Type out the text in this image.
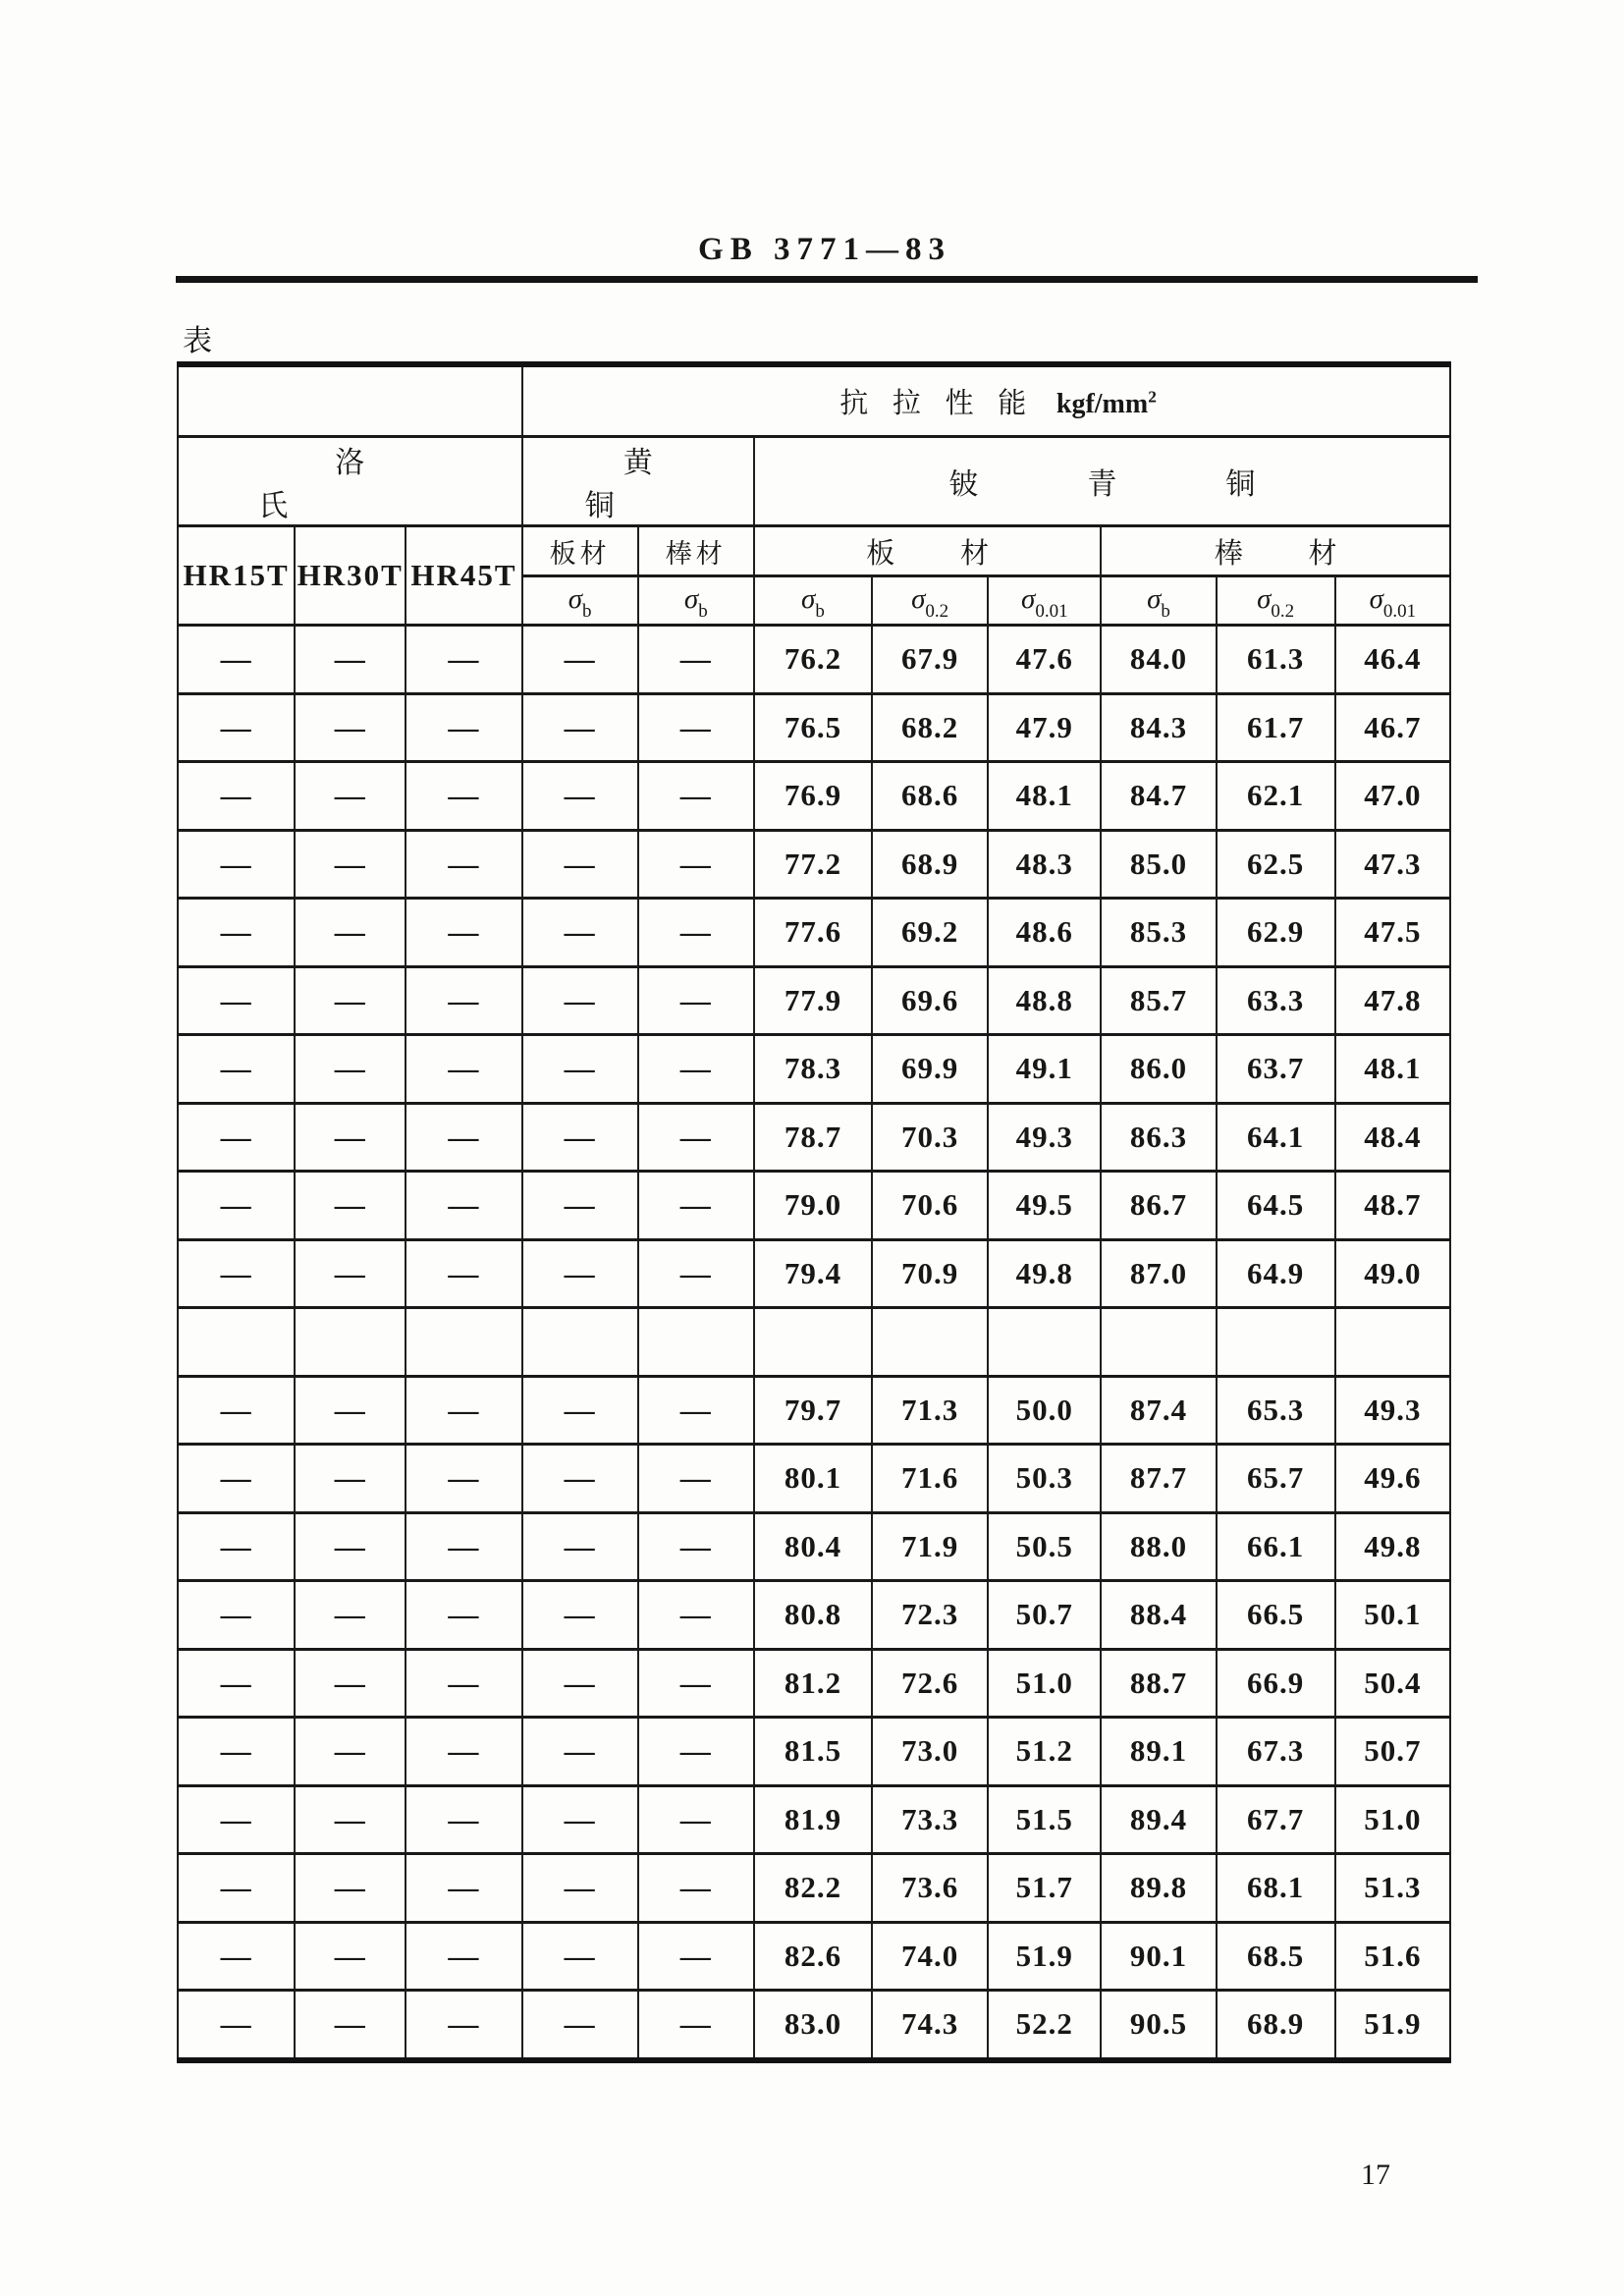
GB 3771—83
表
			抗拉性能 kgf/$mm^2$
洛氏			黄铜		铍青铜					
HR15T	HR30T	HR45T	板材	棒材	板材			棒材		
			$\sigma_b$	$\sigma_b$	$\sigma_b$	$\sigma_{0.2}$	$\sigma_{0.01}$	$\sigma_b$	$\sigma_{0.2}$	$\sigma_{0.01}$
—	—	—	—	—	76.2	67.9	47.6	84.0	61.3	46.4
—	—	—	—	—	76.5	68.2	47.9	84.3	61.7	46.7
—	—	—	—	—	76.9	68.6	48.1	84.7	62.1	47.0
—	—	—	—	—	77.2	68.9	48.3	85.0	62.5	47.3
—	—	—	—	—	77.6	69.2	48.6	85.3	62.9	47.5
—	—	—	—	—	77.9	69.6	48.8	85.7	63.3	47.8
—	—	—	—	—	78.3	69.9	49.1	86.0	63.7	48.1
—	—	—	—	—	78.7	70.3	49.3	86.3	64.1	48.4
—	—	—	—	—	79.0	70.6	49.5	86.7	64.5	48.7
—	—	—	—	—	79.4	70.9	49.8	87.0	64.9	49.0

—	—	—	—	—	79.7	71.3	50.0	87.4	65.3	49.3
—	—	—	—	—	80.1	71.6	50.3	87.7	65.7	49.6
—	—	—	—	—	80.4	71.9	50.5	88.0	66.1	49.8
—	—	—	—	—	80.8	72.3	50.7	88.4	66.5	50.1
—	—	—	—	—	81.2	72.6	51.0	88.7	66.9	50.4
—	—	—	—	—	81.5	73.0	51.2	89.1	67.3	50.7
—	—	—	—	—	81.9	73.3	51.5	89.4	67.7	51.0
—	—	—	—	—	82.2	73.6	51.7	89.8	68.1	51.3
—	—	—	—	—	82.6	74.0	51.9	90.1	68.5	51.6
—	—	—	—	—	83.0	74.3	52.2	90.5	68.9	51.9
17
